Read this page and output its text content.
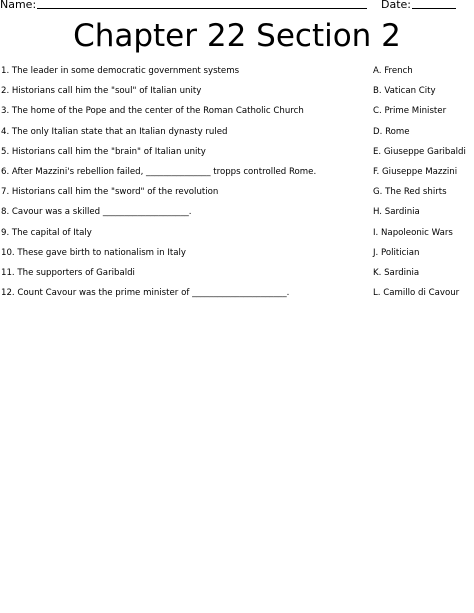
Name:	Date:
Chapter 22 Section 2
1. The leader in some democratic government systems	A. French
2. Historians call him the "soul" of Italian unity	B. Vatican City
3. The home of the Pope and the center of the Roman Catholic Church	C. Prime Minister
4. The only Italian state that an Italian dynasty ruled	D. Rome
5. Historians call him the "brain" of Italian unity	E. Giuseppe Garibaldi
6. After Mazzini's rebellion failed, _______________ tropps controlled Rome.	F. Giuseppe Mazzini
7. Historians call him the "sword" of the revolution	G. The Red shirts
8. Cavour was a skilled ____________________.	H. Sardinia
9. The capital of Italy	I. Napoleonic Wars
10. These gave birth to nationalism in Italy	J. Politician
11. The supporters of Garibaldi	K. Sardinia
12. Count Cavour was the prime minister of ______________________.	L. Camillo di Cavour
